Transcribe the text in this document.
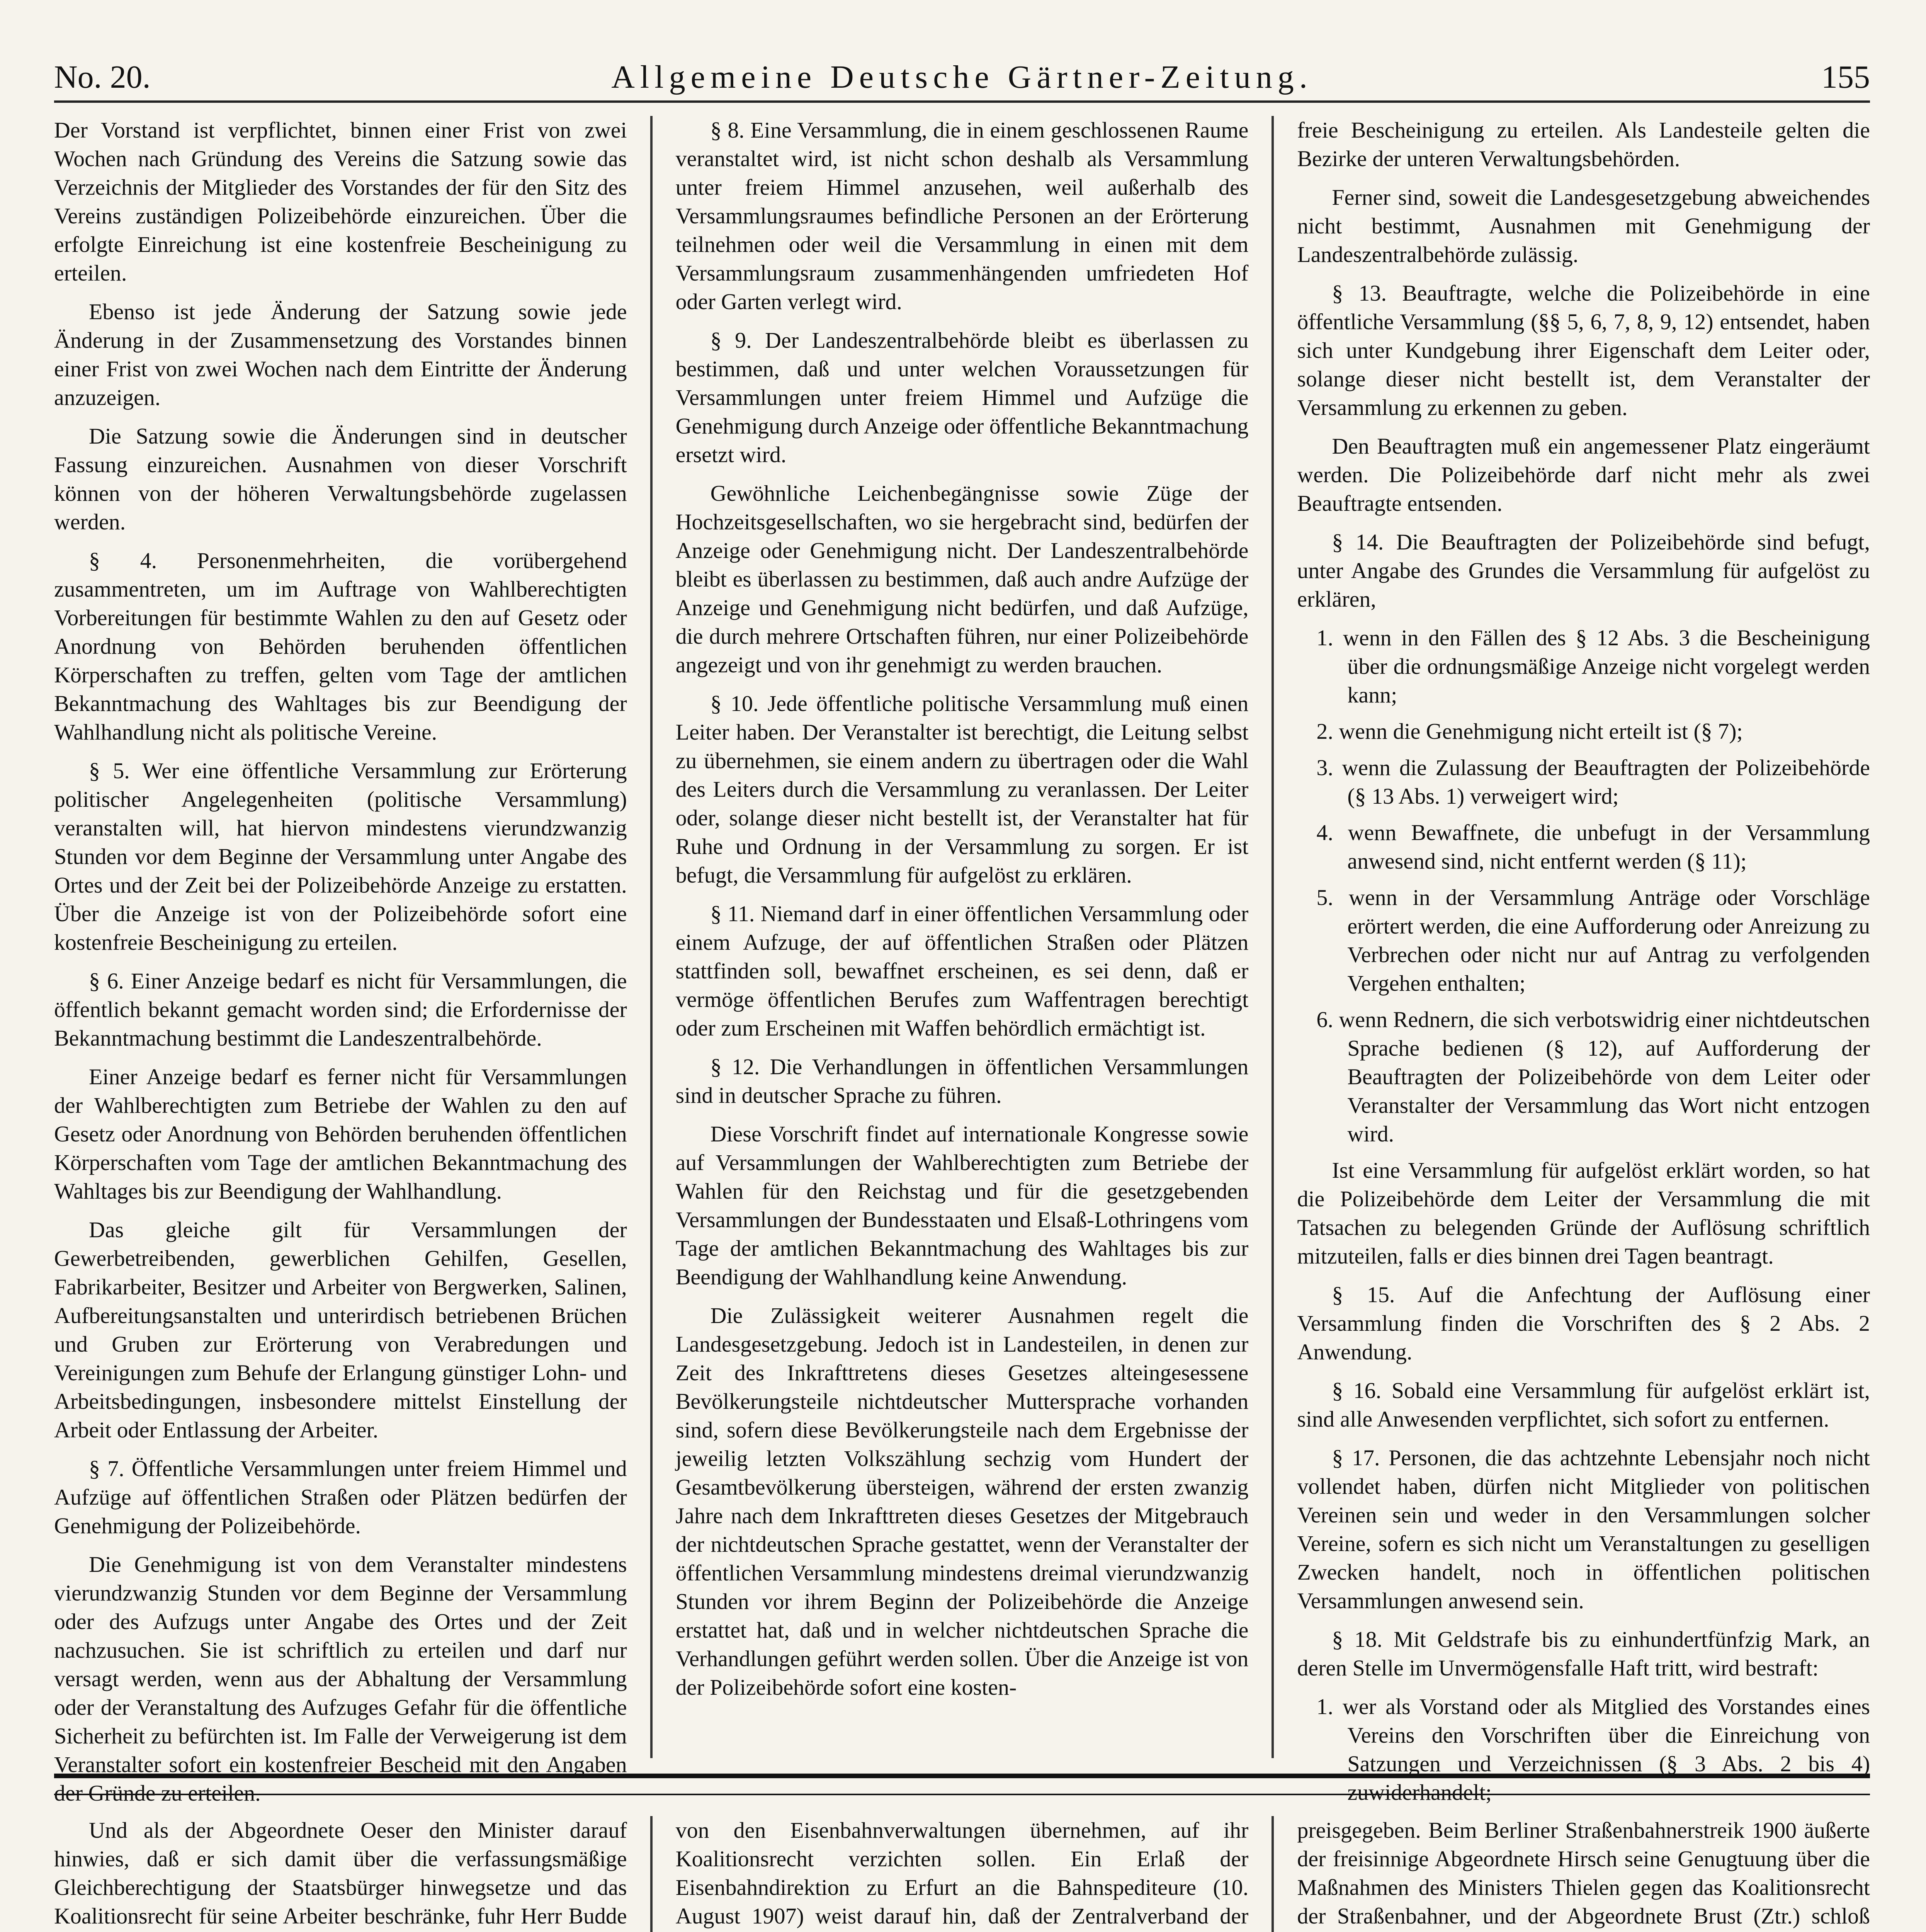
No. 20.	Allgemeine Deutsche Gärtner-Zeitung.	155

Der Vorstand ist verpflichtet, binnen einer Frist von zwei Wochen nach Gründung des Vereins die Satzung sowie das Verzeichnis der Mitglieder des Vorstandes der für den Sitz des Vereins zuständigen Polizeibehörde einzureichen. Über die erfolgte Einreichung ist eine kostenfreie Bescheinigung zu erteilen.

Ebenso ist jede Änderung der Satzung sowie jede Änderung in der Zusammensetzung des Vorstandes binnen einer Frist von zwei Wochen nach dem Eintritte der Änderung anzuzeigen.

Die Satzung sowie die Änderungen sind in deutscher Fassung einzureichen. Ausnahmen von dieser Vorschrift können von der höheren Verwaltungsbehörde zugelassen werden.

§ 4. Personenmehrheiten, die vorübergehend zusammentreten, um im Auftrage von Wahlberechtigten Vorbereitungen für bestimmte Wahlen zu den auf Gesetz oder Anordnung von Behörden beruhenden öffentlichen Körperschaften zu treffen, gelten vom Tage der amtlichen Bekanntmachung des Wahltages bis zur Beendigung der Wahlhandlung nicht als politische Vereine.

§ 5. Wer eine öffentliche Versammlung zur Erörterung politischer Angelegenheiten (politische Versammlung) veranstalten will, hat hiervon mindestens vierundzwanzig Stunden vor dem Beginne der Versammlung unter Angabe des Ortes und der Zeit bei der Polizeibehörde Anzeige zu erstatten. Über die Anzeige ist von der Polizeibehörde sofort eine kostenfreie Bescheinigung zu erteilen.

§ 6. Einer Anzeige bedarf es nicht für Versammlungen, die öffentlich bekannt gemacht worden sind; die Erfordernisse der Bekanntmachung bestimmt die Landeszentralbehörde.

Einer Anzeige bedarf es ferner nicht für Versammlungen der Wahlberechtigten zum Betriebe der Wahlen zu den auf Gesetz oder Anordnung von Behörden beruhenden öffentlichen Körperschaften vom Tage der amtlichen Bekanntmachung des Wahltages bis zur Beendigung der Wahlhandlung.

Das gleiche gilt für Versammlungen der Gewerbetreibenden, gewerblichen Gehilfen, Gesellen, Fabrikarbeiter, Besitzer und Arbeiter von Bergwerken, Salinen, Aufbereitungsanstalten und unterirdisch betriebenen Brüchen und Gruben zur Erörterung von Verabredungen und Vereinigungen zum Behufe der Erlangung günstiger Lohn- und Arbeitsbedingungen, insbesondere mittelst Einstellung der Arbeit oder Entlassung der Arbeiter.

§ 7. Öffentliche Versammlungen unter freiem Himmel und Aufzüge auf öffentlichen Straßen oder Plätzen bedürfen der Genehmigung der Polizeibehörde.

Die Genehmigung ist von dem Veranstalter mindestens vierundzwanzig Stunden vor dem Beginne der Versammlung oder des Aufzugs unter Angabe des Ortes und der Zeit nachzusuchen. Sie ist schriftlich zu erteilen und darf nur versagt werden, wenn aus der Abhaltung der Versammlung oder der Veranstaltung des Aufzuges Gefahr für die öffentliche Sicherheit zu befürchten ist. Im Falle der Verweigerung ist dem Veranstalter sofort ein kostenfreier Bescheid mit den Angaben der Gründe zu erteilen.

§ 8. Eine Versammlung, die in einem geschlossenen Raume veranstaltet wird, ist nicht schon deshalb als Versammlung unter freiem Himmel anzusehen, weil außerhalb des Versammlungsraumes befindliche Personen an der Erörterung teilnehmen oder weil die Versammlung in einen mit dem Versammlungsraum zusammenhängenden umfriedeten Hof oder Garten verlegt wird.

§ 9. Der Landeszentralbehörde bleibt es überlassen zu bestimmen, daß und unter welchen Voraussetzungen für Versammlungen unter freiem Himmel und Aufzüge die Genehmigung durch Anzeige oder öffentliche Bekanntmachung ersetzt wird.

Gewöhnliche Leichenbegängnisse sowie Züge der Hochzeitsgesellschaften, wo sie hergebracht sind, bedürfen der Anzeige oder Genehmigung nicht. Der Landeszentralbehörde bleibt es überlassen zu bestimmen, daß auch andre Aufzüge der Anzeige und Genehmigung nicht bedürfen, und daß Aufzüge, die durch mehrere Ortschaften führen, nur einer Polizeibehörde angezeigt und von ihr genehmigt zu werden brauchen.

§ 10. Jede öffentliche politische Versammlung muß einen Leiter haben. Der Veranstalter ist berechtigt, die Leitung selbst zu übernehmen, sie einem andern zu übertragen oder die Wahl des Leiters durch die Versammlung zu veranlassen. Der Leiter oder, solange dieser nicht bestellt ist, der Veranstalter hat für Ruhe und Ordnung in der Versammlung zu sorgen. Er ist befugt, die Versammlung für aufgelöst zu erklären.

§ 11. Niemand darf in einer öffentlichen Versammlung oder einem Aufzuge, der auf öffentlichen Straßen oder Plätzen stattfinden soll, bewaffnet erscheinen, es sei denn, daß er vermöge öffentlichen Berufes zum Waffentragen berechtigt oder zum Erscheinen mit Waffen behördlich ermächtigt ist.

§ 12. Die Verhandlungen in öffentlichen Versammlungen sind in deutscher Sprache zu führen.

Diese Vorschrift findet auf internationale Kongresse sowie auf Versammlungen der Wahlberechtigten zum Betriebe der Wahlen für den Reichstag und für die gesetzgebenden Versammlungen der Bundesstaaten und Elsaß-Lothringens vom Tage der amtlichen Bekanntmachung des Wahltages bis zur Beendigung der Wahlhandlung keine Anwendung.

Die Zulässigkeit weiterer Ausnahmen regelt die Landesgesetzgebung. Jedoch ist in Landesteilen, in denen zur Zeit des Inkrafttretens dieses Gesetzes alteingesessene Bevölkerungsteile nichtdeutscher Muttersprache vorhanden sind, sofern diese Bevölkerungsteile nach dem Ergebnisse der jeweilig letzten Volkszählung sechzig vom Hundert der Gesamtbevölkerung übersteigen, während der ersten zwanzig Jahre nach dem Inkrafttreten dieses Gesetzes der Mitgebrauch der nichtdeutschen Sprache gestattet, wenn der Veranstalter der öffentlichen Versammlung mindestens dreimal vierundzwanzig Stunden vor ihrem Beginn der Polizeibehörde die Anzeige erstattet hat, daß und in welcher nichtdeutschen Sprache die Verhandlungen geführt werden sollen. Über die Anzeige ist von der Polizeibehörde sofort eine kosten-

freie Bescheinigung zu erteilen. Als Landesteile gelten die Bezirke der unteren Verwaltungsbehörden.

Ferner sind, soweit die Landesgesetzgebung abweichendes nicht bestimmt, Ausnahmen mit Genehmigung der Landeszentralbehörde zulässig.

§ 13. Beauftragte, welche die Polizeibehörde in eine öffentliche Versammlung (§§ 5, 6, 7, 8, 9, 12) entsendet, haben sich unter Kundgebung ihrer Eigenschaft dem Leiter oder, solange dieser nicht bestellt ist, dem Veranstalter der Versammlung zu erkennen zu geben.

Den Beauftragten muß ein angemessener Platz eingeräumt werden. Die Polizeibehörde darf nicht mehr als zwei Beauftragte entsenden.

§ 14. Die Beauftragten der Polizeibehörde sind befugt, unter Angabe des Grundes die Versammlung für aufgelöst zu erklären,

1. wenn in den Fällen des § 12 Abs. 3 die Bescheinigung über die ordnungsmäßige Anzeige nicht vorgelegt werden kann;

2. wenn die Genehmigung nicht erteilt ist (§ 7);

3. wenn die Zulassung der Beauftragten der Polizeibehörde (§ 13 Abs. 1) verweigert wird;

4. wenn Bewaffnete, die unbefugt in der Versammlung anwesend sind, nicht entfernt werden (§ 11);

5. wenn in der Versammlung Anträge oder Vorschläge erörtert werden, die eine Aufforderung oder Anreizung zu Verbrechen oder nicht nur auf Antrag zu verfolgenden Vergehen enthalten;

6. wenn Rednern, die sich verbotswidrig einer nichtdeutschen Sprache bedienen (§ 12), auf Aufforderung der Beauftragten der Polizeibehörde von dem Leiter oder Veranstalter der Versammlung das Wort nicht entzogen wird.

Ist eine Versammlung für aufgelöst erklärt worden, so hat die Polizeibehörde dem Leiter der Versammlung die mit Tatsachen zu belegenden Gründe der Auflösung schriftlich mitzuteilen, falls er dies binnen drei Tagen beantragt.

§ 15. Auf die Anfechtung der Auflösung einer Versammlung finden die Vorschriften des § 2 Abs. 2 Anwendung.

§ 16. Sobald eine Versammlung für aufgelöst erklärt ist, sind alle Anwesenden verpflichtet, sich sofort zu entfernen.

§ 17. Personen, die das achtzehnte Lebensjahr noch nicht vollendet haben, dürfen nicht Mitglieder von politischen Vereinen sein und weder in den Versammlungen solcher Vereine, sofern es sich nicht um Veranstaltungen zu geselligen Zwecken handelt, noch in öffentlichen politischen Versammlungen anwesend sein.

§ 18. Mit Geldstrafe bis zu einhundertfünfzig Mark, an deren Stelle im Unvermögensfalle Haft tritt, wird bestraft:

1. wer als Vorstand oder als Mitglied des Vorstandes eines Vereins den Vorschriften über die Einreichung von Satzungen und Verzeichnissen (§ 3 Abs. 2 bis 4) zuwiderhandelt;

Und als der Abgeordnete Oeser den Minister darauf hinwies, daß er sich damit über die verfassungsmäßige Gleichberechtigung der Staatsbürger hinwegsetze und das Koalitionsrecht für seine Arbeiter beschränke, fuhr Herr Budde

von den Eisenbahnverwaltungen übernehmen, auf ihr Koalitionsrecht verzichten sollen. Ein Erlaß der Eisenbahndirektion zu Erfurt an die Bahnspediteure (10. August 1907) weist darauf hin, daß der Zentralverband der

preisgegeben. Beim Berliner Straßenbahnerstreik 1900 äußerte der freisinnige Abgeordnete Hirsch seine Genugtuung über die Maßnahmen des Ministers Thielen gegen das Koalitionsrecht der Straßenbahner, und der Abgeordnete Brust (Ztr.) schloß
